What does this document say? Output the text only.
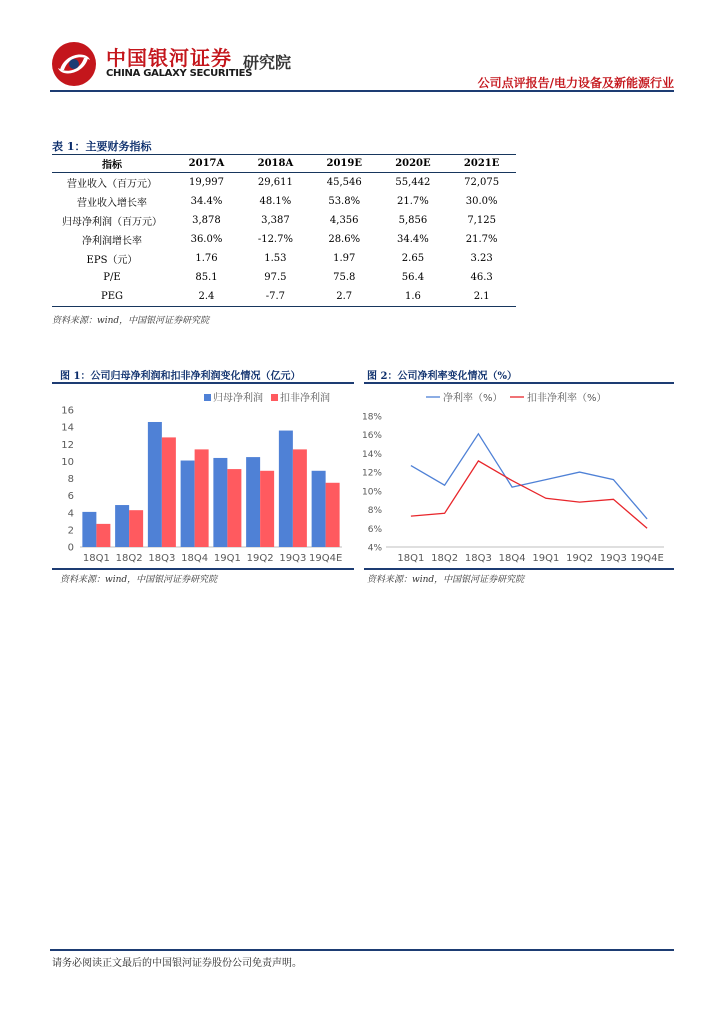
中国银河证券
CHINA GALAXY SECURITIES
研究院
公司点评报告/电力设备及新能源行业
表 1：主要财务指标
指标	2017A	2018A	2019E	2020E	2021E
营业收入（百万元）	19,997	29,611	45,546	55,442	72,075
营业收入增长率	34.4%	48.1%	53.8%	21.7%	30.0%
归母净利润（百万元）	3,878	3,387	4,356	5,856	7,125
净利润增长率	36.0%	-12.7%	28.6%	34.4%	21.7%
EPS（元）	1.76	1.53	1.97	2.65	3.23
P/E	85.1	97.5	75.8	56.4	46.3
PEG	2.4	-7.7	2.7	1.6	2.1
资料来源：wind，中国银河证券研究院
图 1：公司归母净利润和扣非净利润变化情况（亿元）	图 2：公司净利率变化情况（%）
0
2
4
6
8
10
12
14
16
18Q1 18Q2 18Q3 18Q4 19Q1 19Q2 19Q3 19Q4E
归母净利润 扣非净利润
4%
6%
8%
10%
12%
14%
16%
18%
18Q1 18Q2 18Q3 18Q4 19Q1 19Q2 19Q3 19Q4E
净利率（%） 扣非净利率（%）
资料来源：wind，中国银河证券研究院	资料来源：wind，中国银河证券研究院
请务必阅读正文最后的中国银河证券股份公司免责声明。
